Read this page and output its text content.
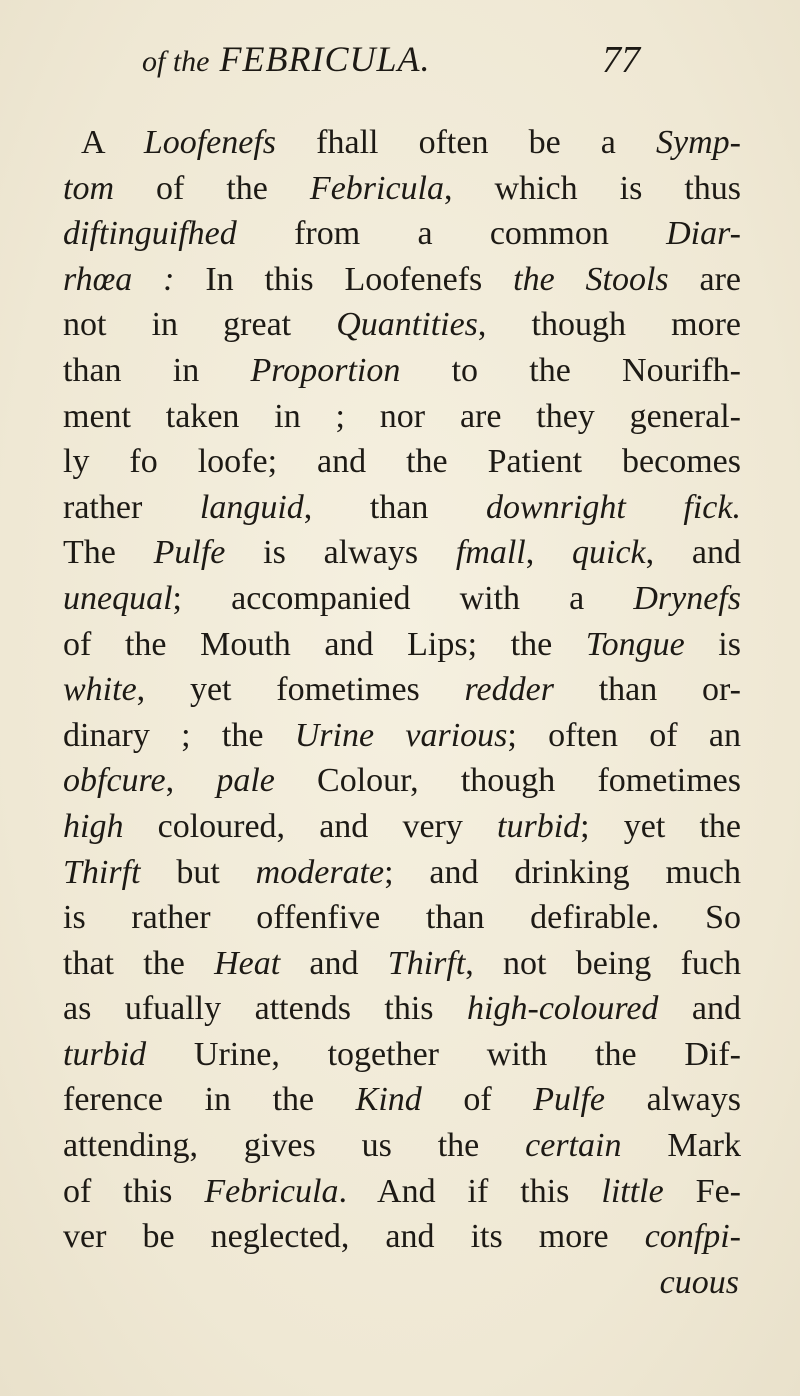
of the FEBRICULA.	77
A Loofenefs fhall often be a Symp-
tom of the Febricula, which is thus
diftinguifhed from a common Diar-
rhœa : In this Loofenefs the Stools are
not in great Quantities, though more
than in Proportion to the Nourifh-
ment taken in ; nor are they general-
ly fo loofe; and the Patient becomes
rather languid, than downright fick.
The Pulfe is always fmall, quick, and
unequal; accompanied with a Drynefs
of the Mouth and Lips; the Tongue is
white, yet fometimes redder than or-
dinary ; the Urine various; often of an
obfcure, pale Colour, though fometimes
high coloured, and very turbid; yet the
Thirft but moderate; and drinking much
is rather offenfive than defirable. So
that the Heat and Thirft, not being fuch
as ufually attends this high-coloured and
turbid Urine, together with the Dif-
ference in the Kind of Pulfe always
attending, gives us the certain Mark
of this Febricula. And if this little Fe-
ver be neglected, and its more confpi-
cuous
